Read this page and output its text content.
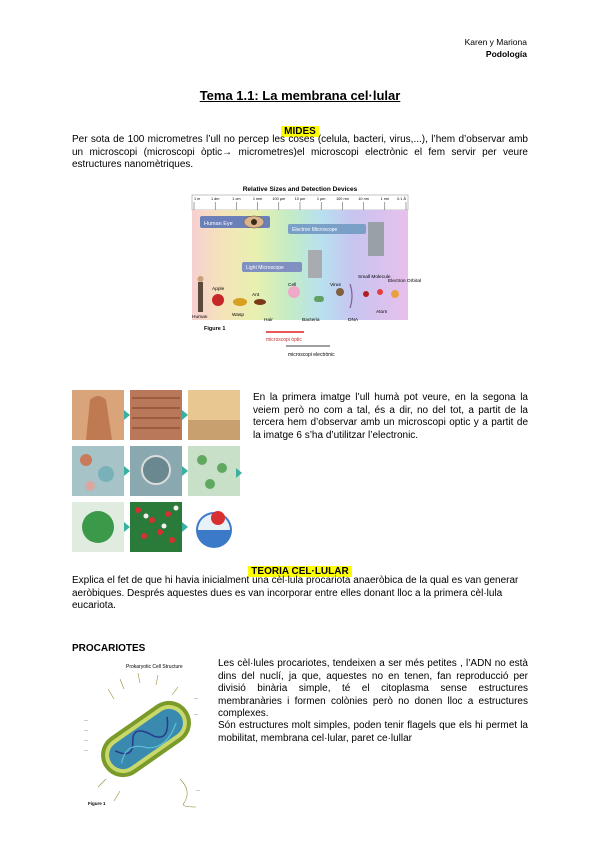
Karen y Mariona
Podología
Tema 1.1: La membrana cel·lular
MIDES
Per sota de 100 micrometres l’ull no percep les coses (celula, bacteri, virus,...), l’hem d’observar amb un microscopi (microscopi òptic→ micrometres)el microscopi electrònic el fem servir per veure estructures nanomètriques.
Relative Sizes and Detection Devices
1 m	1 dm	1 cm	1 mm	100 µm	10 µm	1 µm	100 nm	10 nm	1 nm 0.1 Å
Human Eye
Electron Microscope
Light Microscope
Human
Apple
Wasp
Ant
Hair
Cell
Bacteria
Virus
DNA
Small Molecule
Atom
Electron Orbital
Figure 1
microscopi òptic
microscopi electrònic
En la primera imatge l’ull humà pot veure, en la segona la veiem però no com a tal, és a dir, no del tot, a partit de la tercera hem d’observar amb un microscopi optic y a partit de la imatge 6 s’ha d’utilitzar l’electronic.
TEORIA CEL·LULAR
Explica el fet de que hi havia inicialment una cèl·lula procariota anaeròbica de la qual es van generar aeròbiques. Després aquestes dues es van incorporar entre elles donant lloc a la primera cèl·lula eucariota.
PROCARIOTES
Prokaryotic Cell Structure
—
—
—
—
—
—
—
Figure 1
Les cèl·lules procariotes, tendeixen a ser més petites , l’ADN no està dins del nuclí, ja que, aquestes no en tenen, fan reproducció per divisió binària simple, té el citoplasma sense estructures membranàries i formen colònies però no donen lloc a estructures complexes.
Són estructures molt simples, poden tenir flagels que els hi permet la mobilitat, membrana cel·lular, paret ce·lullar
